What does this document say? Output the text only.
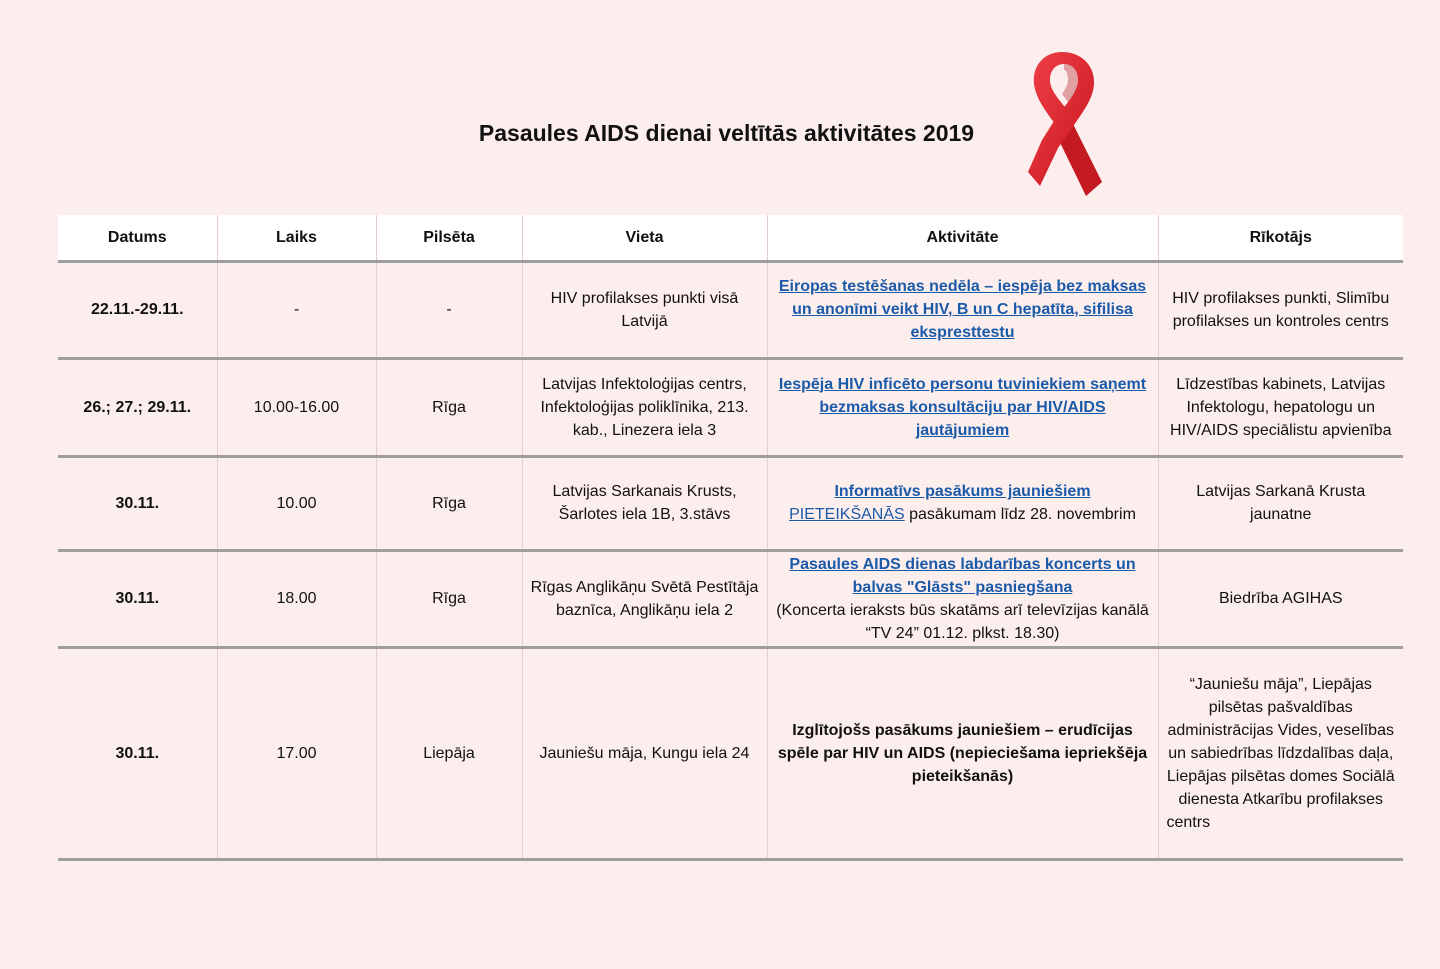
Pasaules AIDS dienai veltītās aktivitātes 2019
Datums	Laiks	Pilsēta	Vieta	Aktivitāte	Rīkotājs
22.11.-29.11.	-	-	HIV profilakses punkti visā Latvijā	Eiropas testēšanas nedēla – iespēja bez maksas un anonīmi veikt HIV, B un C hepatīta, sifilisa ekspresttestu	HIV profilakses punkti, Slimību profilakses un kontroles centrs
26.; 27.; 29.11.	10.00-16.00	Rīga	Latvijas Infektoloģijas centrs, Infektoloģijas poliklīnika, 213. kab., Linezera iela 3	Iespēja HIV inficēto personu tuviniekiem saņemt bezmaksas konsultāciju par HIV/AIDS jautājumiem	Līdzestības kabinets, Latvijas Infektologu, hepatologu un HIV/AIDS speciālistu apvienība
30.11.	10.00	Rīga	Latvijas Sarkanais Krusts, Šarlotes iela 1B, 3.stāvs	Informatīvs pasākums jauniešiem
PIETEIKŠANĀS pasākumam līdz 28. novembrim	Latvijas Sarkanā Krusta jaunatne
30.11.	18.00	Rīga	Rīgas Anglikāņu Svētā Pestītāja baznīca, Anglikāņu iela 2	Pasaules AIDS dienas labdarības koncerts un balvas "Glāsts" pasniegšana
(Koncerta ieraksts būs skatāms arī televīzijas kanālā “TV 24” 01.12. plkst. 18.30)	Biedrība AGIHAS
30.11.	17.00	Liepāja	Jauniešu māja, Kungu iela 24	Izglītojošs pasākums jauniešiem – erudīcijas spēle par HIV un AIDS (nepieciešama iepriekšēja pieteikšanās)	“Jauniešu māja”, Liepājas pilsētas pašvaldības administrācijas Vides, veselības un sabiedrības līdzdalības daļa, Liepājas pilsētas domes Sociālā dienesta Atkarību profilakses centrs
